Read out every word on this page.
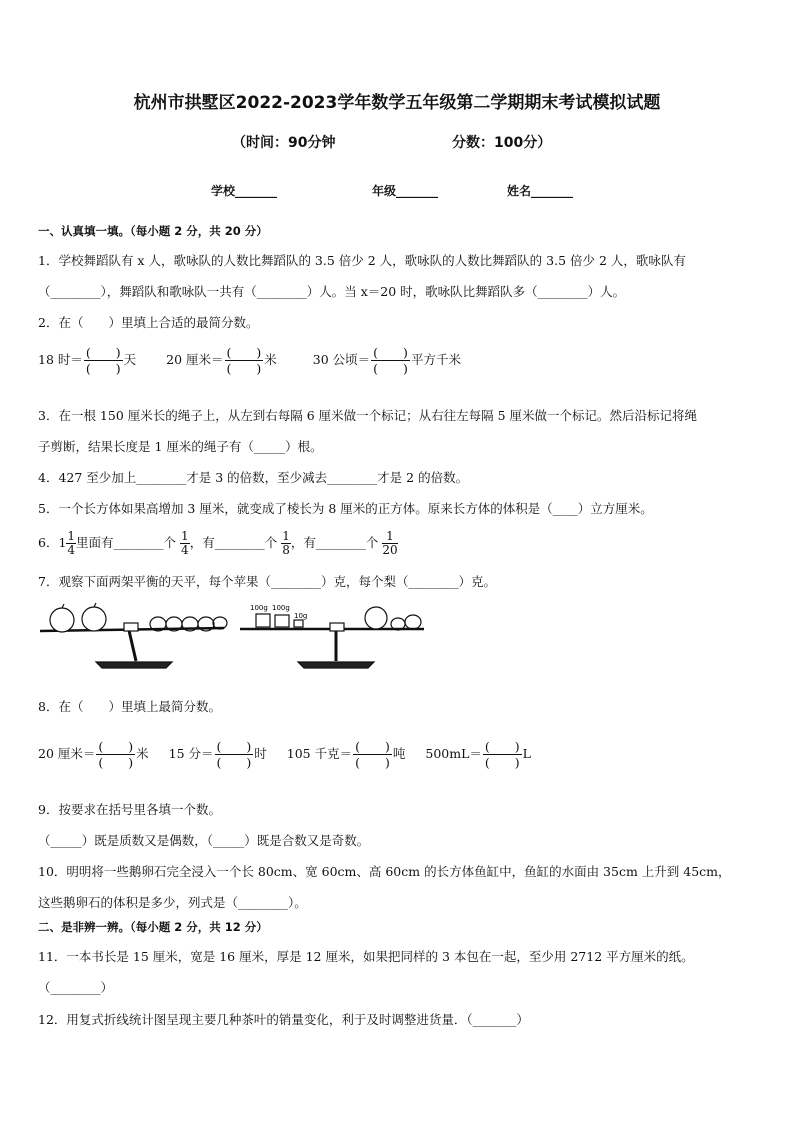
杭州市拱墅区2022-2023学年数学五年级第二学期期末考试模拟试题
（时间：90分钟	分数：100分）
学校_______	年级_______	姓名_______
一、认真填一填。（每小题 2 分，共 20 分）
1．学校舞蹈队有 x 人，歌咏队的人数比舞蹈队的 3.5 倍少 2 人，歌咏队的人数比舞蹈队的 3.5 倍少 2 人，歌咏队有
（________），舞蹈队和歌咏队一共有（________）人。当 x＝20 时，歌咏队比舞蹈队多（________）人。
2．在（　　）里填上合适的最简分数。
18 时＝ $\frac{( )}{( )}$ 天 20 厘米＝ $\frac{( )}{( )}$ 米	30 公顷＝ $\frac{( )}{( )}$ 平方千米
3．在一根 150 厘米长的绳子上，从左到右每隔 6 厘米做一个标记；从右往左每隔 5 厘米做一个标记。然后沿标记将绳
子剪断，结果长度是 1 厘米的绳子有（_____）根。
4．427 至少加上________才是 3 的倍数，至少减去________才是 2 的倍数。
5．一个长方体如果高增加 3 厘米，就变成了棱长为 8 厘米的正方体。原来长方体的体积是（____）立方厘米。
6．$1 \frac{1}{4}$ 里面有________个 $\frac{1}{4}$ ，有________个 $\frac{1}{8}$ ，有________个 $\frac{1}{20}$
7．观察下面两架平衡的天平，每个苹果（________）克，每个梨（________）克。
100g 100g
10g
8．在（　　）里填上最简分数。
20 厘米＝ $\frac{( )}{( )}$ 米 15 分＝ $\frac{( )}{( )}$ 时 105 千克＝ $\frac{( )}{( )}$ 吨 $500mL= \frac{( )}{( )}$ L
9．按要求在括号里各填一个数。
（_____）既是质数又是偶数，（_____）既是合数又是奇数。
10．明明将一些鹅卵石完全浸入一个长 80cm、宽 60cm、高 60cm 的长方体鱼缸中，鱼缸的水面由 35cm 上升到 45cm，
这些鹅卵石的体积是多少，列式是（________）。
二、是非辨一辨。（每小题 2 分，共 12 分）
11．一本书长是 15 厘米，宽是 16 厘米，厚是 12 厘米，如果把同样的 3 本包在一起，至少用 2712 平方厘米的纸。
（________）
12．用复式折线统计图呈现主要几种茶叶的销量变化，利于及时调整进货量．（_______）
